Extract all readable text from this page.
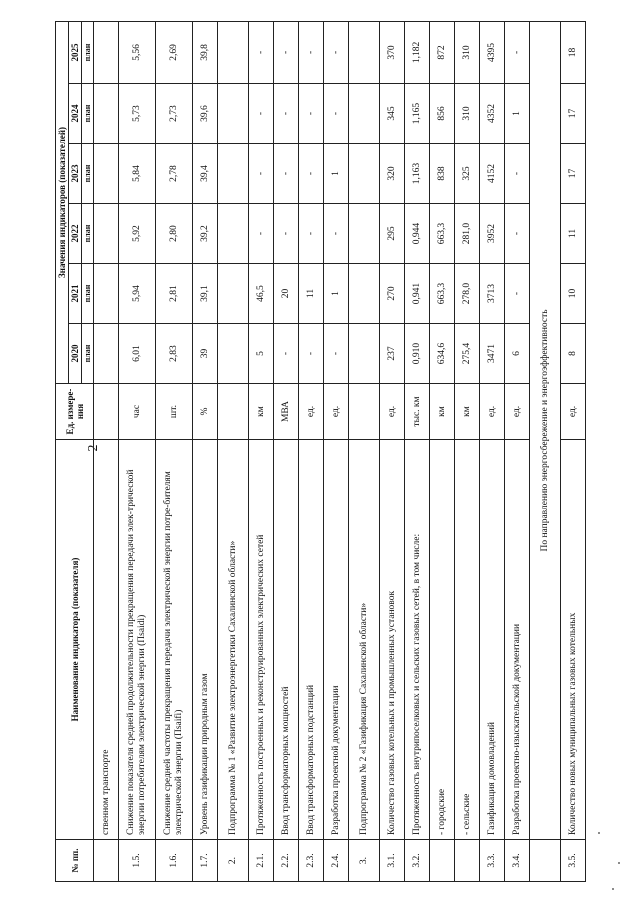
2
№ пп.	Наименование индикатора (показателя)	Ед. измере-ния	Значения индикаторов (показателей)					
			2020	2021	2022	2023	2024	2025
			план	план	план	план	план	план
	ственном транспорте							
1.5.	Снижение показателя средней продолжительности прекращения передачи элек-трической энергии потребителям электрической энергии (Пsaidi)	час	6,01	5,94	5,92	5,84	5,73	5,56
1.6.	Снижение средней частоты прекращения передачи электрической энергии потре-бителям электрической энергии (Пsaifi)	шт.	2,83	2,81	2,80	2,78	2,73	2,69
1.7.	Уровень газификации природным газом	%	39	39,1	39,2	39,4	39,6	39,8
2.	Подпрограмма № 1 «Развитие электроэнергетики Сахалинской области»							
2.1.	Протяженность построенных и реконструированных электрических сетей	км	5	46,5	-	-	-	-
2.2.	Ввод трансформаторных мощностей	МВА	-	20	-	-	-	-
2.3.	Ввод трансформаторных подстанций	ед.	-	11	-	-	-	-
2.4.	Разработка проектной документации	ед.	-	1	-	1	-	-
3.	Подпрограмма № 2 «Газификация Сахалинской области»							
3.1.	Количество газовых котельных и промышленных установок	ед.	237	270	295	320	345	370
3.2.	Протяженность внутрипоселковых и сельских газовых сетей, в том числе:	тыс. км	0,910	0,941	0,944	1,163	1,165	1,182
	- городские	км	634,6	663,3	663,3	838	856	872
	- сельские	км	275,4	278,0	281,0	325	310	310
3.3.	Газификация домовладений	ед.	3471	3713	3952	4152	4352	4395
3.4.	Разработка проектно-изыскательской документации	ед.	6	-	-	-	1	-
	По направлению энергосбережение и энергоэффективность							
3.5.	Количество новых муниципальных газовых котельных	ед.	8	10	11	17	17	18
